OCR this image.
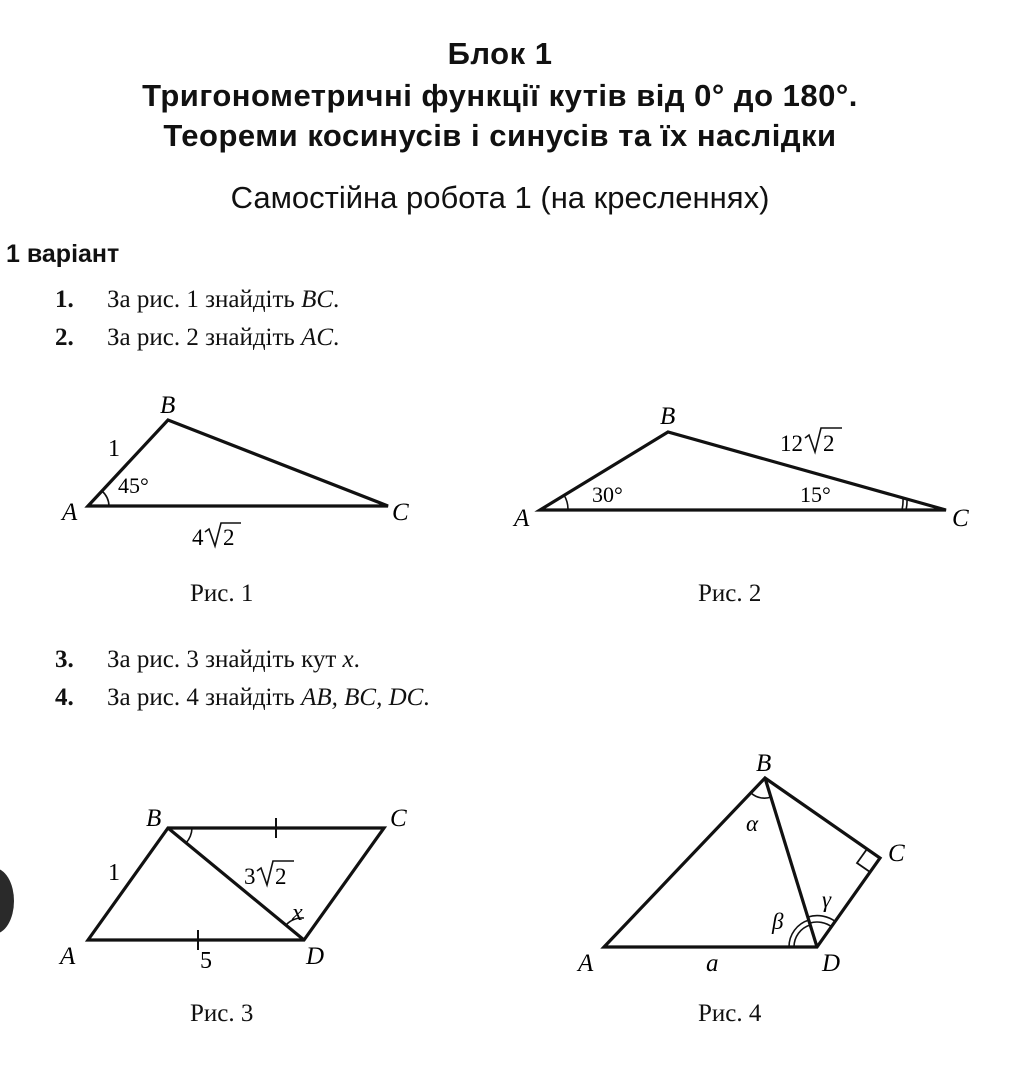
Блок 1
Тригонометричні функції кутів від 0° до 180°.
Теореми косинусів і синусів та їх наслідки
Самостійна робота 1 (на кресленнях)
1 варіант
1. За рис. 1 знайдіть BC.
2. За рис. 2 знайдіть AC.
A
B
C
1
45°
4 2
Рис. 1
A
B
C
12 2
30°	15°
Рис. 2
3. За рис. 3 знайдіть кут x.
4. За рис. 4 знайдіть AB, BC, DC.
A
B	C
D
1
5
3 2
x
Рис. 3
A
B
C
D
α
β
γ
a
Рис. 4
